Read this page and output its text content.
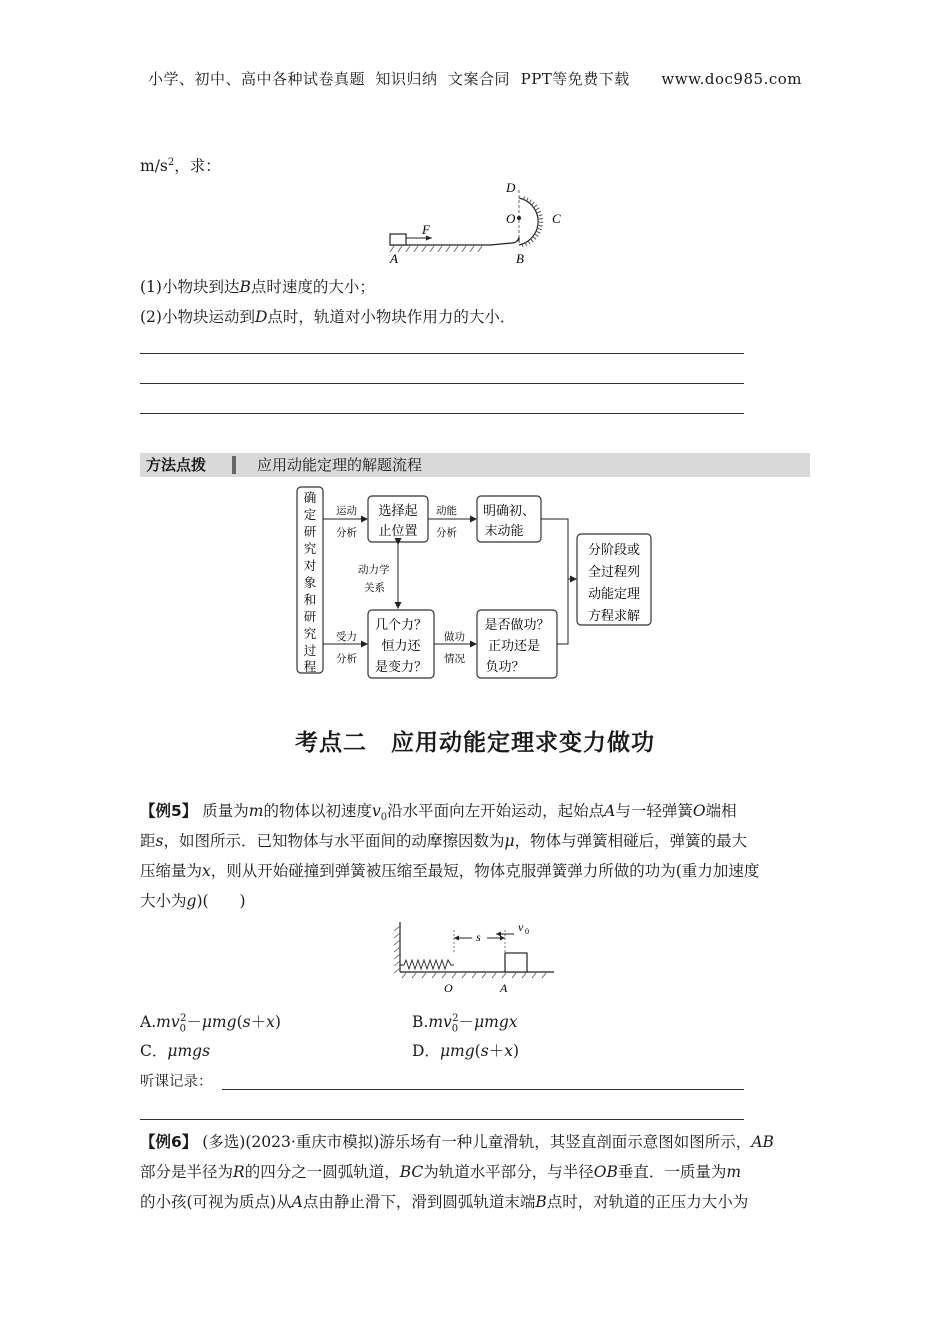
小学、初中、高中各种试卷真题  知识归纳  文案合同  PPT等免费下载      www.doc985.com
$m/s^2$，求：
F
A	B
D
O	C
(1)小物块到达B点时速度的大小；
(2)小物块运动到D点时，轨道对小物块作用力的大小．
方法点拨	应用动能定理的解题流程
确
定
研
究
对
象
和
研
究
过
程
选择起
止位置
明确初、
末动能
几个力？
恒力还
是变力？
是否做功？
正功还是
负功？
分阶段或
全过程列
动能定理
方程求解
运动
分析
动能
分析
动力学
关系
受力
分析
做功
情况
考点二　应用动能定理求变力做功
【例5】 质量为m的物体以初速度$v_0$沿水平面向左开始运动，起始点A与一轻弹簧O端相
距s，如图所示．已知物体与水平面间的动摩擦因数为μ，物体与弹簧相碰后，弹簧的最大
压缩量为x，则从开始碰撞到弹簧被压缩至最短，物体克服弹簧弹力所做的功为(重力加速度
大小为g)(　　)
s
v 0
O	A
$A.mv_0^2-\mu mg(s+x)$	$B.mv_0^2-\mu mgx$
C．μmgs	D．μmg(s＋x)
听课记录：
【例6】 (多选)(2023·重庆市模拟)游乐场有一种儿童滑轨，其竖直剖面示意图如图所示，AB
部分是半径为R的四分之一圆弧轨道，BC为轨道水平部分，与半径OB垂直．一质量为m
的小孩(可视为质点)从A点由静止滑下，滑到圆弧轨道末端B点时，对轨道的正压力大小为
